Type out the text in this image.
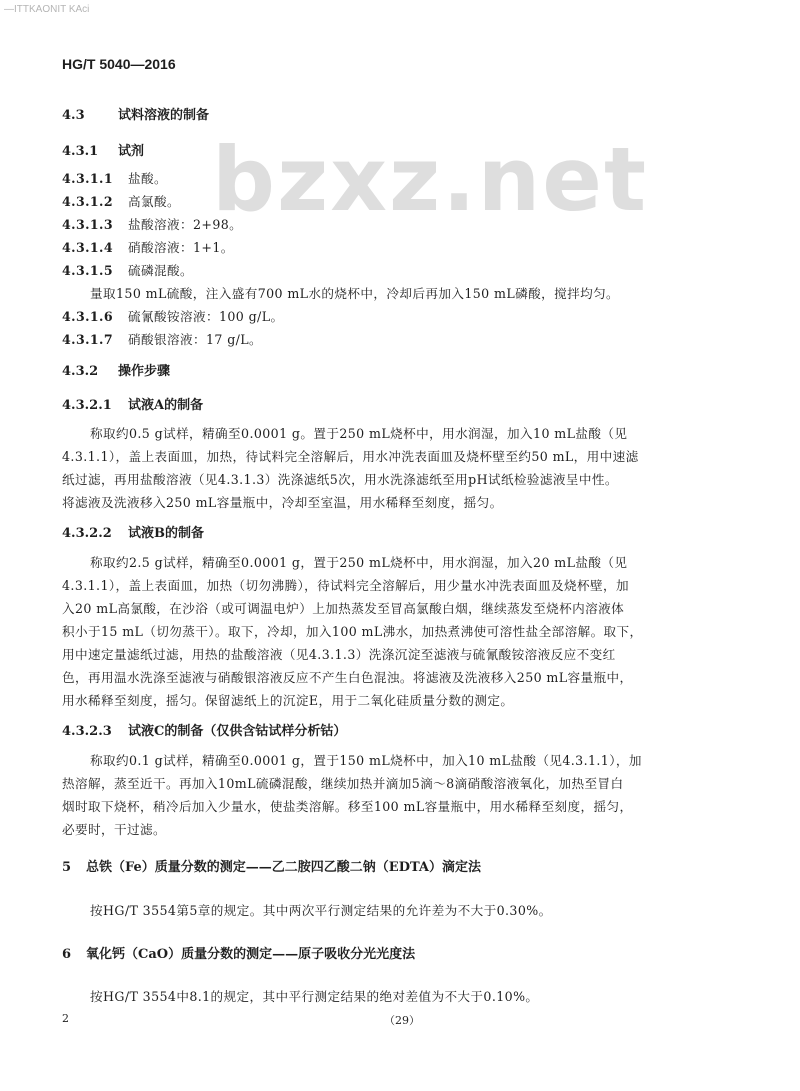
—ITTKAONIT KAci
HG/T 5040—2016
bzxz.net
4.3	试料溶液的制备
4.3.1 试剂
4.3.1.1 盐酸。
4.3.1.2 高氯酸。
4.3.1.3 盐酸溶液：2+98。
4.3.1.4 硝酸溶液：1+1。
4.3.1.5 硫磷混酸。
量取150 mL硫酸，注入盛有700 mL水的烧杯中，冷却后再加入150 mL磷酸，搅拌均匀。
4.3.1.6 硫氰酸铵溶液：100 g/L。
4.3.1.7 硝酸银溶液：17 g/L。
4.3.2 操作步骤
4.3.2.1 试液A的制备
称取约0.5 g试样，精确至0.0001 g。置于250 mL烧杯中，用水润湿，加入10 mL盐酸（见
4.3.1.1），盖上表面皿，加热，待试料完全溶解后，用水冲洗表面皿及烧杯壁至约50 mL，用中速滤
纸过滤，再用盐酸溶液（见4.3.1.3）洗涤滤纸5次，用水洗涤滤纸至用pH试纸检验滤液呈中性。
将滤液及洗液移入250 mL容量瓶中，冷却至室温，用水稀释至刻度，摇匀。
4.3.2.2 试液B的制备
称取约2.5 g试样，精确至0.0001 g，置于250 mL烧杯中，用水润湿，加入20 mL盐酸（见
4.3.1.1），盖上表面皿，加热（切勿沸腾），待试料完全溶解后，用少量水冲洗表面皿及烧杯壁，加
入20 mL高氯酸，在沙浴（或可调温电炉）上加热蒸发至冒高氯酸白烟，继续蒸发至烧杯内溶液体
积小于15 mL（切勿蒸干）。取下，冷却，加入100 mL沸水，加热煮沸使可溶性盐全部溶解。取下，
用中速定量滤纸过滤，用热的盐酸溶液（见4.3.1.3）洗涤沉淀至滤液与硫氰酸铵溶液反应不变红
色，再用温水洗涤至滤液与硝酸银溶液反应不产生白色混浊。将滤液及洗液移入250 mL容量瓶中，
用水稀释至刻度，摇匀。保留滤纸上的沉淀E，用于二氧化硅质量分数的测定。
4.3.2.3 试液C的制备（仅供含钴试样分析钴）
称取约0.1 g试样，精确至0.0001 g，置于150 mL烧杯中，加入10 mL盐酸（见4.3.1.1），加
热溶解，蒸至近干。再加入10mL硫磷混酸，继续加热并滴加5滴～8滴硝酸溶液氧化，加热至冒白
烟时取下烧杯，稍冷后加入少量水，使盐类溶解。移至100 mL容量瓶中，用水稀释至刻度，摇匀，
必要时，干过滤。
5 总铁（Fe）质量分数的测定——乙二胺四乙酸二钠（EDTA）滴定法
按HG/T 3554第5章的规定。其中两次平行测定结果的允许差为不大于0.30%。
6 氧化钙（CaO）质量分数的测定——原子吸收分光光度法
按HG/T 3554中8.1的规定，其中平行测定结果的绝对差值为不大于0.10%。
2	（29）
